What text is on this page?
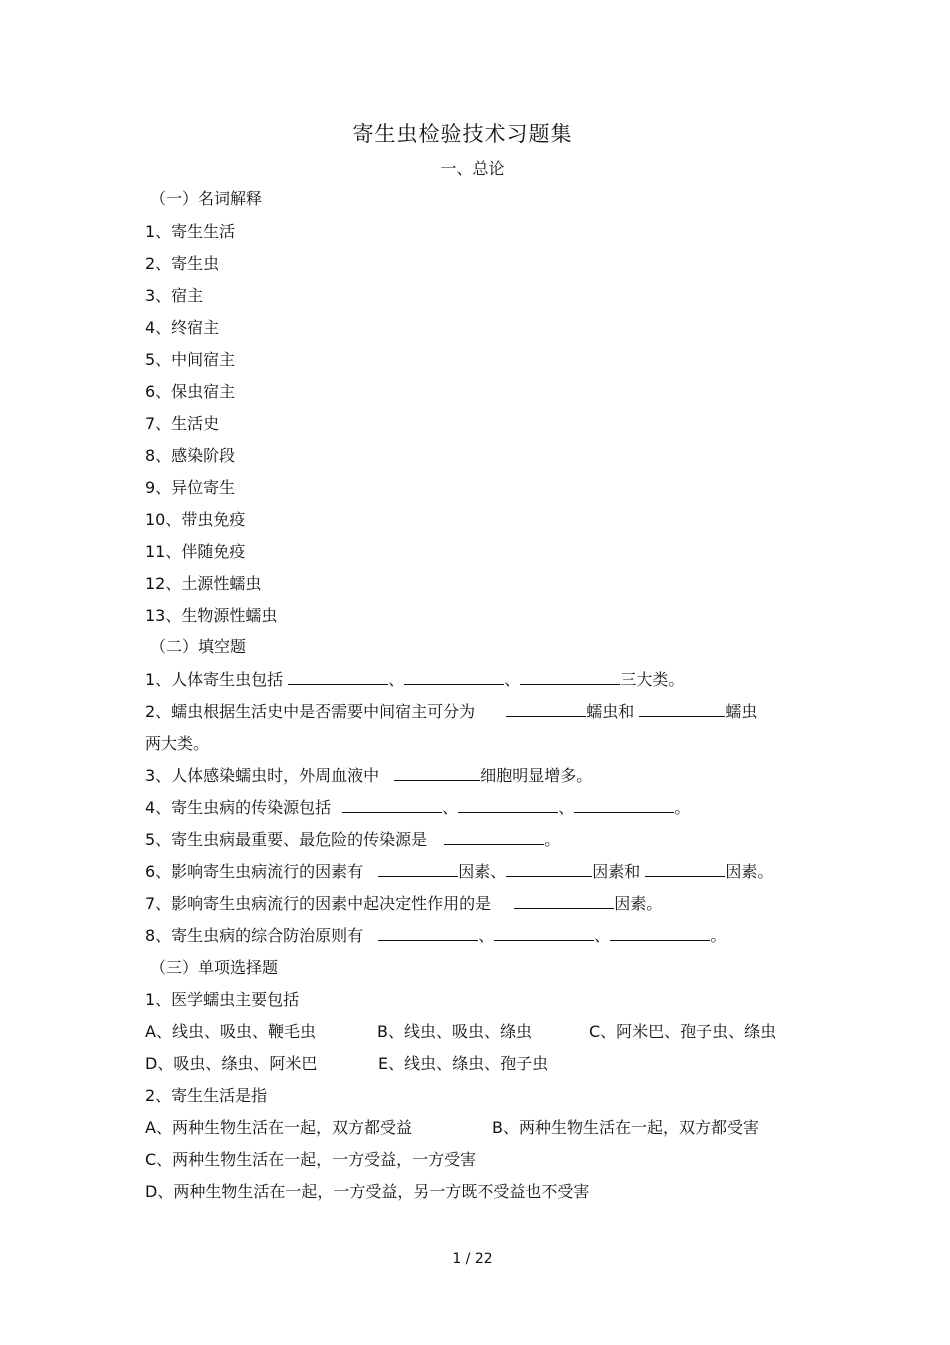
寄生虫检验技术习题集
一、总论
（一）名词解释
1、寄生生活
2、寄生虫
3、宿主
4、终宿主
5、中间宿主
6、保虫宿主
7、生活史
8、感染阶段
9、异位寄生
10、带虫免疫
11、伴随免疫
12、土源性蠕虫
13、生物源性蠕虫
（二）填空题
1、人体寄生虫包括	、	、	三大类。
2、蠕虫根据生活史中是否需要中间宿主可分为	蠕虫和	蠕虫
两大类。
3、人体感染蠕虫时，外周血液中	细胞明显增多。
4、寄生虫病的传染源包括	、	、	。
5、寄生虫病最重要、最危险的传染源是	。
6、影响寄生虫病流行的因素有	因素、	因素和	因素。
7、影响寄生虫病流行的因素中起决定性作用的是	因素。
8、寄生虫病的综合防治原则有	、	、	。
（三）单项选择题
1、医学蠕虫主要包括
A、线虫、吸虫、鞭毛虫	B、线虫、吸虫、绦虫	C、阿米巴、孢子虫、绦虫
D、吸虫、绦虫、阿米巴	E、线虫、绦虫、孢子虫
2、寄生生活是指
A、两种生物生活在一起，双方都受益	B、两种生物生活在一起，双方都受害
C、两种生物生活在一起，一方受益，一方受害
D、两种生物生活在一起，一方受益，另一方既不受益也不受害
1 / 22
